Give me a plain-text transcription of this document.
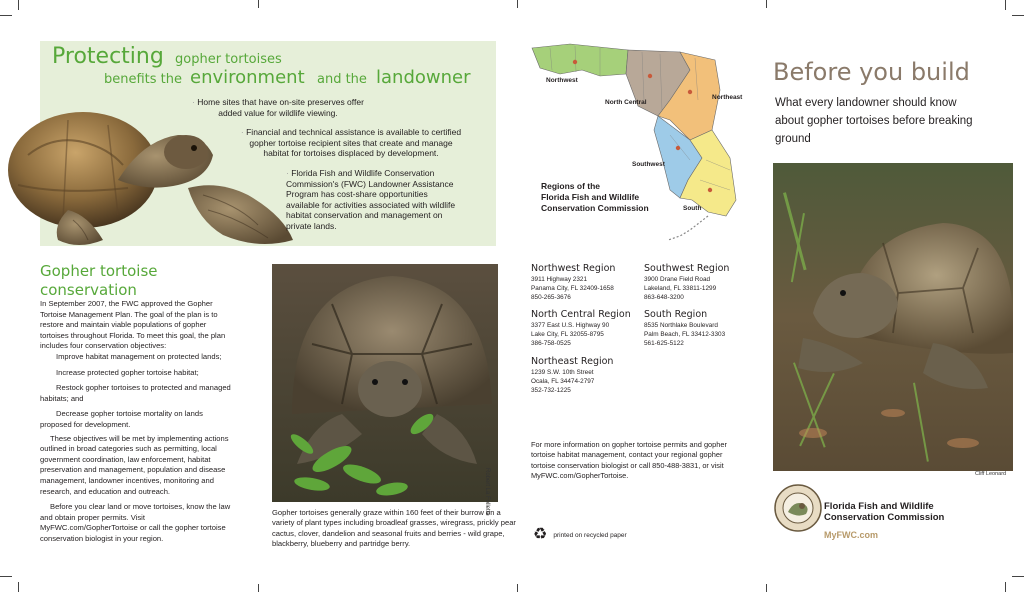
Protecting gopher tortoises
benefits the environment and the landowner
· Home sites that have on-site preserves offer added value for wildlife viewing.
· Financial and technical assistance is available to certified gopher tortoise recipient sites that create and manage habitat for tortoises displaced by development.
· Florida Fish and Wildlife Conservation Commission's (FWC) Landowner Assistance Program has cost-share opportunities available for activities associated with wildlife habitat conservation and management on private lands.
Gopher tortoise
conservation

In September 2007, the FWC approved the Gopher Tortoise Management Plan. The goal of the plan is to restore and maintain viable populations of gopher tortoises throughout Florida. To meet this goal, the plan includes four conservation objectives:

Improve habitat management on protected lands;

Increase protected gopher tortoise habitat;

Restock gopher tortoises to protected and managed habitats; and

Decrease gopher tortoise mortality on lands proposed for development.

These objectives will be met by implementing actions outlined in broad categories such as permitting, local government coordination, law enforcement, habitat preservation and management, population and disease management, landowner incentives, monitoring and research, and education and outreach.

Before you clear land or move tortoises, know the law and obtain proper permits. Visit MyFWC.com/GopherTortoise or call the gopher tortoise conservation biologist in your region.

Robert La Follette
Gopher tortoises generally graze within 160 feet of their burrow on a variety of plant types including broadleaf grasses, wiregrass, prickly pear cactus, clover, dandelion and seasonal fruits and berries - wild grape, blackberry, blueberry and partridge berry.
Northwest
North Central
Northeast
Southwest
South
Regions of the
Florida Fish and Wildlife
Conservation Commission
Northwest Region
3911 Highway 2321
Panama City, FL 32409-1658
850-265-3676
Southwest Region
3900 Drane Field Road
Lakeland, FL 33811-1299
863-648-3200
North Central Region
3377 East U.S. Highway 90
Lake City, FL 32055-8795
386-758-0525
South Region
8535 Northlake Boulevard
Palm Beach, FL 33412-3303
561-625-5122
Northeast Region
1239 S.W. 10th Street
Ocala, FL 34474-2797
352-732-1225
For more information on gopher tortoise permits and gopher tortoise habitat management, contact your regional gopher tortoise conservation biologist or call 850-488-3831, or visit MyFWC.com/GopherTortoise.
♻ printed on recycled paper
Before you build
What every landowner should know about gopher tortoises before breaking ground
Cliff Leonard
Florida Fish and Wildlife
Conservation Commission
MyFWC.com
